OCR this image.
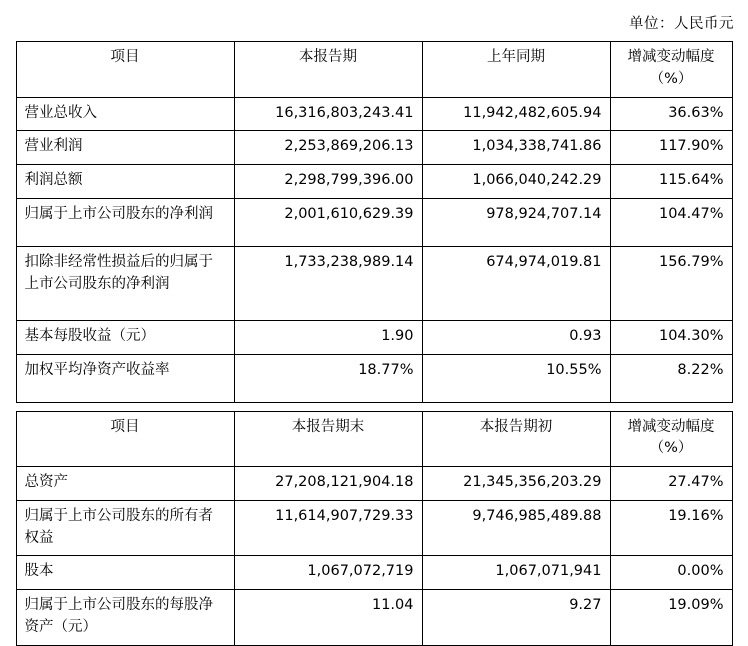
单位：人民币元
项目	本报告期	上年同期	增减变动幅度（%）
营业总收入	16,316,803,243.41	11,942,482,605.94	36.63%
营业利润	2,253,869,206.13	1,034,338,741.86	117.90%
利润总额	2,298,799,396.00	1,066,040,242.29	115.64%
归属于上市公司股东的净利润	2,001,610,629.39	978,924,707.14	104.47%
扣除非经常性损益后的归属于上市公司股东的净利润	1,733,238,989.14	674,974,019.81	156.79%
基本每股收益（元）	1.90	0.93	104.30%
加权平均净资产收益率	18.77%	10.55%	8.22%
项目	本报告期末	本报告期初	增减变动幅度（%）
总资产	27,208,121,904.18	21,345,356,203.29	27.47%
归属于上市公司股东的所有者权益	11,614,907,729.33	9,746,985,489.88	19.16%
股本	1,067,072,719	1,067,071,941	0.00%
归属于上市公司股东的每股净资产（元）	11.04	9.27	19.09%
